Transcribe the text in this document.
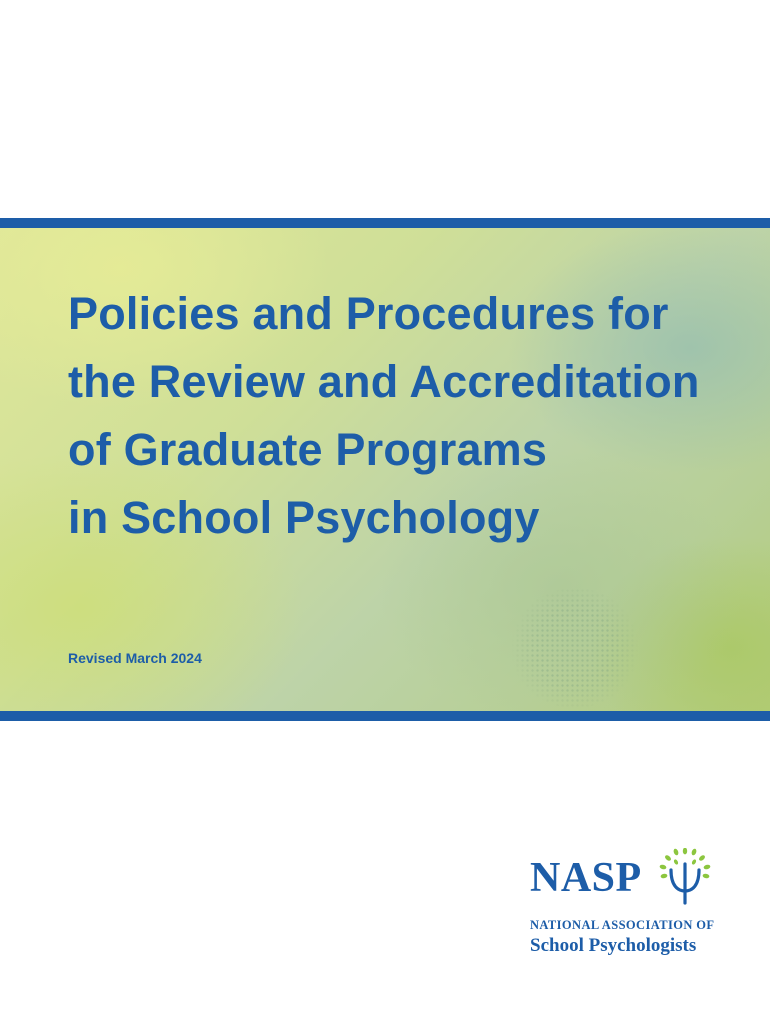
Policies and Procedures for
the Review and Accreditation
of Graduate Programs
in School Psychology
Revised March 2024
NASP
NATIONAL ASSOCIATION OF
School Psychologists
